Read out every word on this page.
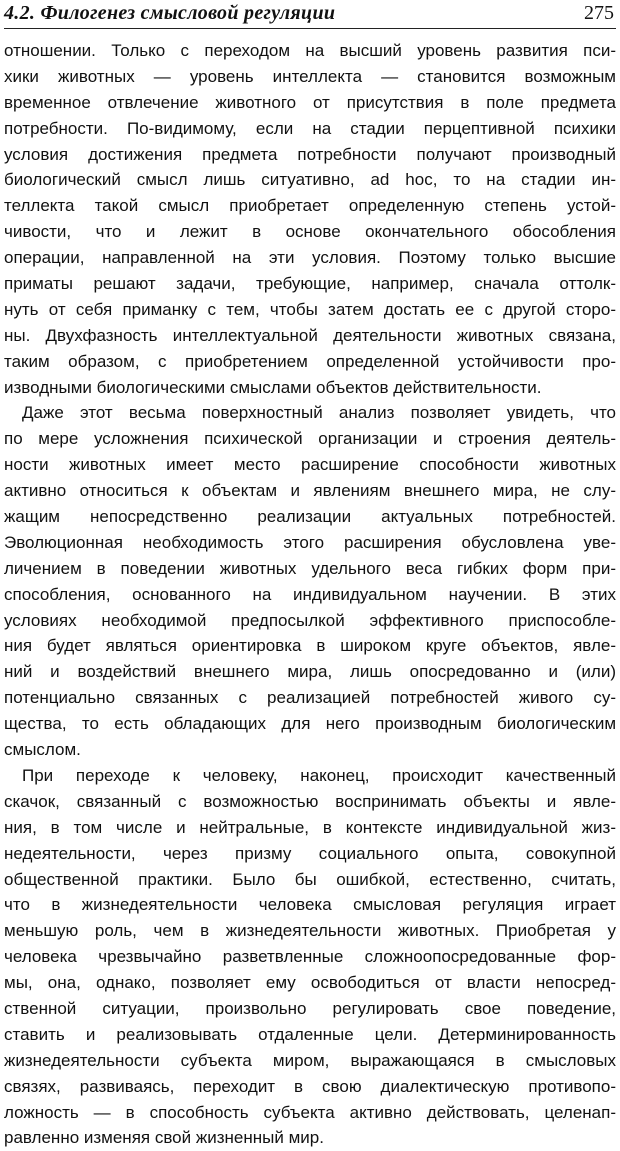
4.2. Филогенез смысловой регуляции	275
отношении. Только с переходом на высший уровень развития пси-
хики животных — уровень интеллекта — становится возможным
временное отвлечение животного от присутствия в поле предмета
потребности. По-видимому, если на стадии перцептивной психики
условия достижения предмета потребности получают производный
биологический смысл лишь ситуативно, ad hoc, то на стадии ин-
теллекта такой смысл приобретает определенную степень устой-
чивости, что и лежит в основе окончательного обособления
операции, направленной на эти условия. Поэтому только высшие
приматы решают задачи, требующие, например, сначала оттолк-
нуть от себя приманку с тем, чтобы затем достать ее с другой сторо-
ны. Двухфазность интеллектуальной деятельности животных связана,
таким образом, с приобретением определенной устойчивости про-
изводными биологическими смыслами объектов действительности.
Даже этот весьма поверхностный анализ позволяет увидеть, что
по мере усложнения психической организации и строения деятель-
ности животных имеет место расширение способности животных
активно относиться к объектам и явлениям внешнего мира, не слу-
жащим непосредственно реализации актуальных потребностей.
Эволюционная необходимость этого расширения обусловлена уве-
личением в поведении животных удельного веса гибких форм при-
способления, основанного на индивидуальном научении. В этих
условиях необходимой предпосылкой эффективного приспособле-
ния будет являться ориентировка в широком круге объектов, явле-
ний и воздействий внешнего мира, лишь опосредованно и (или)
потенциально связанных с реализацией потребностей живого су-
щества, то есть обладающих для него производным биологическим
смыслом.
При переходе к человеку, наконец, происходит качественный
скачок, связанный с возможностью воспринимать объекты и явле-
ния, в том числе и нейтральные, в контексте индивидуальной жиз-
недеятельности, через призму социального опыта, совокупной
общественной практики. Было бы ошибкой, естественно, считать,
что в жизнедеятельности человека смысловая регуляция играет
меньшую роль, чем в жизнедеятельности животных. Приобретая у
человека чрезвычайно разветвленные сложноопосредованные фор-
мы, она, однако, позволяет ему освободиться от власти непосред-
ственной ситуации, произвольно регулировать свое поведение,
ставить и реализовывать отдаленные цели. Детерминированность
жизнедеятельности субъекта миром, выражающаяся в смысловых
связях, развиваясь, переходит в свою диалектическую противопо-
ложность — в способность субъекта активно действовать, целенап-
равленно изменяя свой жизненный мир.
